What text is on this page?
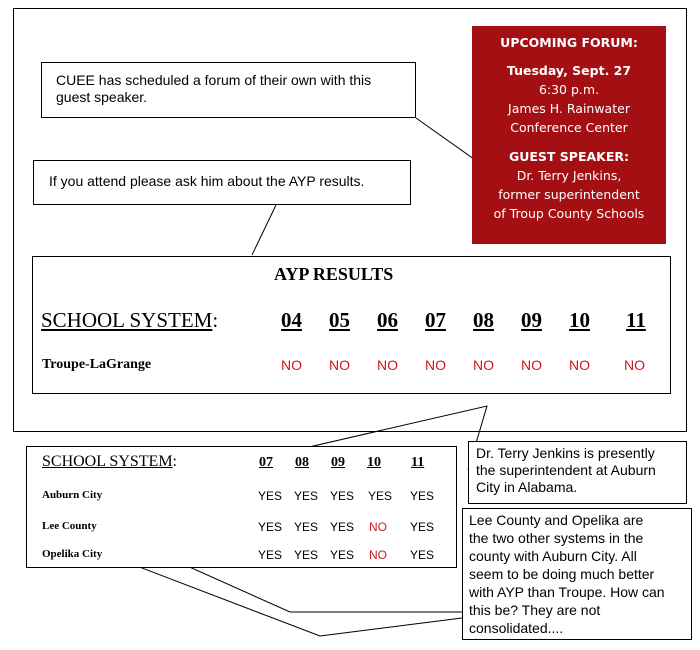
UPCOMING FORUM:
Tuesday, Sept. 27
6:30 p.m.
James H. Rainwater
Conference Center
GUEST SPEAKER:
Dr. Terry Jenkins,
former superintendent
of Troup County Schools
CUEE has scheduled a forum of their own with this
guest speaker.
If you attend please ask him about the AYP results.
AYP RESULTS
SCHOOL SYSTEM:	04 05 06 07 08 09 10 11
Troupe-LaGrange	NO NO NO NO NO NO NO NO
SCHOOL SYSTEM:	07 08 09 10 11
Auburn City	YES YES YES YES YES
Lee County	YES YES YES NO YES
Opelika City	YES YES YES NO YES
Dr. Terry Jenkins is presently
the superintendent at Auburn
City in Alabama.
Lee County and Opelika are
the two other systems in the
county with Auburn City. All
seem to be doing much better
with AYP than Troupe. How can
this be? They are not
consolidated....
